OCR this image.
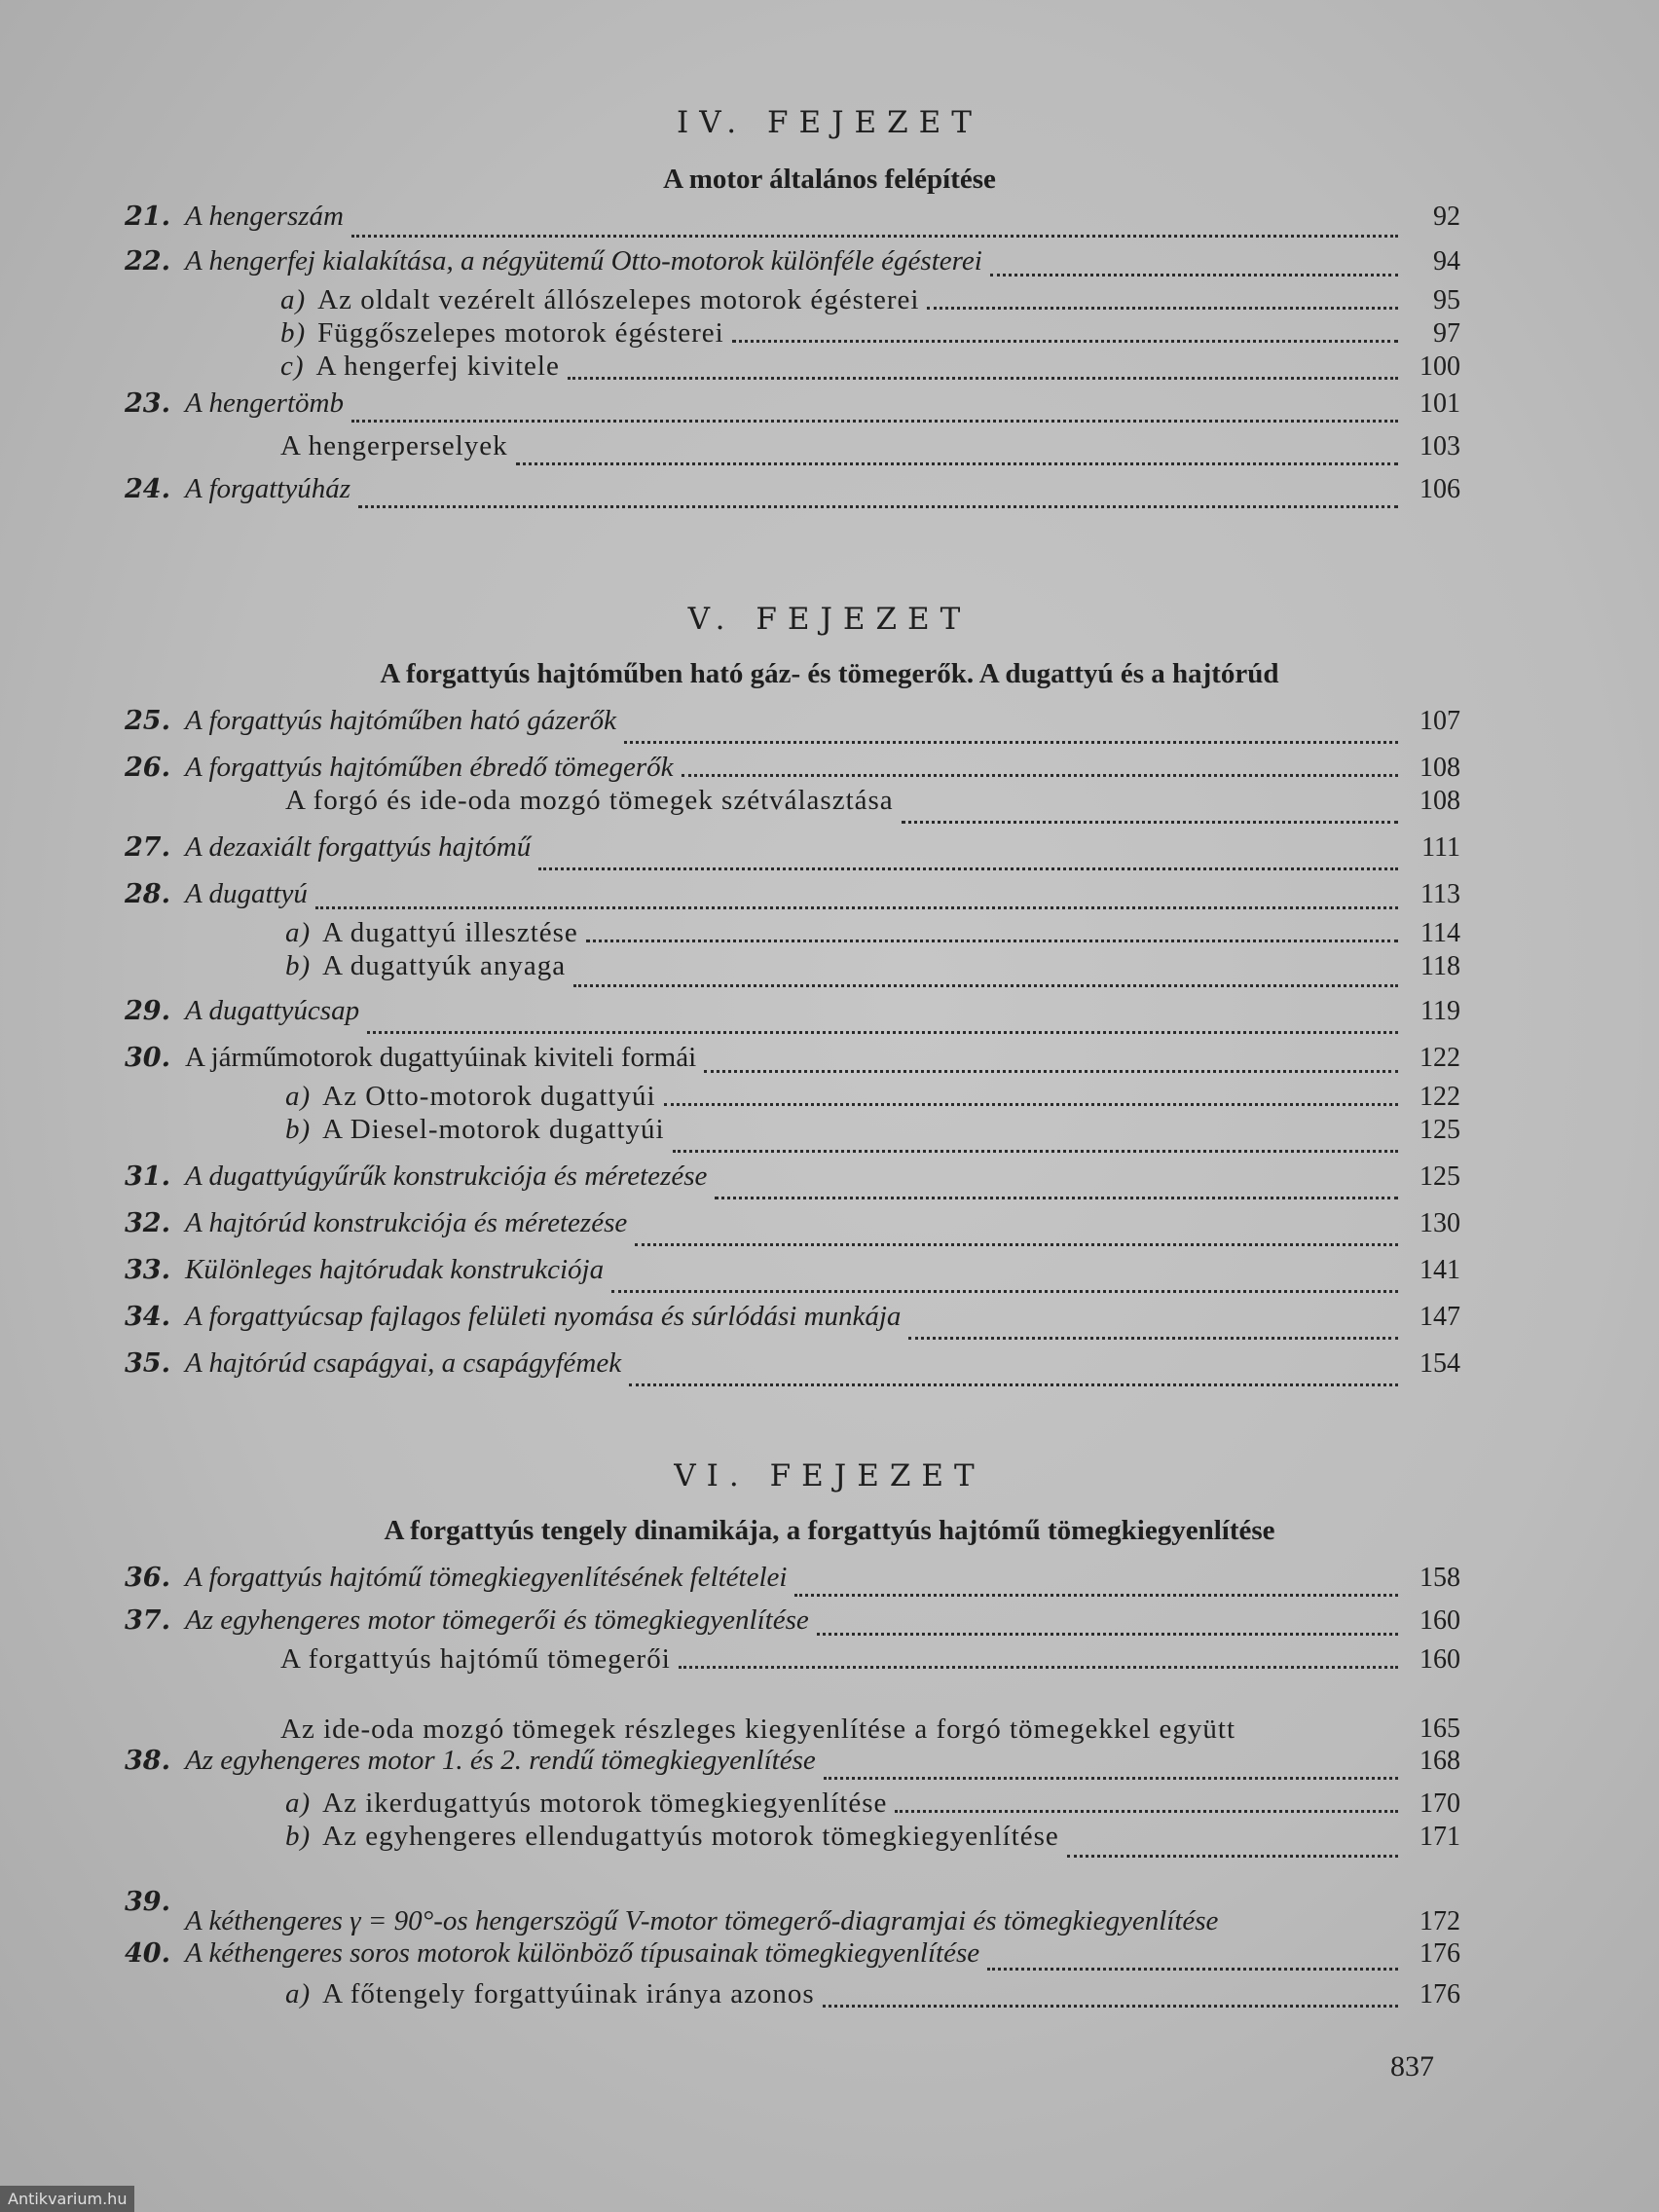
IV. FEJEZET
A motor általános felépítése
21. A hengerszám	92
22. A hengerfej kialakítása, a négyütemű Otto-motorok különféle égésterei	94
a) Az oldalt vezérelt állószelepes motorok égésterei	95
b) Függőszelepes motorok égésterei	97
c) A hengerfej kivitele	100
23. A hengertömb	101
A hengerperselyek	103
24. A forgattyúház	106
V. FEJEZET
A forgattyús hajtóműben ható gáz- és tömegerők. A dugattyú és a hajtórúd
25. A forgattyús hajtóműben ható gázerők	107
26. A forgattyús hajtóműben ébredő tömegerők	108
A forgó és ide-oda mozgó tömegek szétválasztása	108
27. A dezaxiált forgattyús hajtómű	111
28. A dugattyú	113
a) A dugattyú illesztése	114
b) A dugattyúk anyaga	118
29. A dugattyúcsap	119
30. A járműmotorok dugattyúinak kiviteli formái	122
a) Az Otto-motorok dugattyúi	122
b) A Diesel-motorok dugattyúi	125
31. A dugattyúgyűrűk konstrukciója és méretezése	125
32. A hajtórúd konstrukciója és méretezése	130
33. Különleges hajtórudak konstrukciója	141
34. A forgattyúcsap fajlagos felületi nyomása és súrlódási munkája	147
35. A hajtórúd csapágyai, a csapágyfémek	154
VI. FEJEZET
A forgattyús tengely dinamikája, a forgattyús hajtómű tömegkiegyenlítése
36. A forgattyús hajtómű tömegkiegyenlítésének feltételei	158
37. Az egyhengeres motor tömegerői és tömegkiegyenlítése	160
A forgattyús hajtómű tömegerői	160
Az ide-oda mozgó tömegek részleges kiegyenlítése a forgó tömegekkel együtt	165
38. Az egyhengeres motor 1. és 2. rendű tömegkiegyenlítése	168
a) Az ikerdugattyús motorok tömegkiegyenlítése	170
b) Az egyhengeres ellendugattyús motorok tömegkiegyenlítése	171
39.
A kéthengeres γ = 90°-os hengerszögű V-motor tömegerő-diagramjai és tömegkiegyenlítése	172
40. A kéthengeres soros motorok különböző típusainak tömegkiegyenlítése	176
a) A főtengely forgattyúinak iránya azonos	176
837
Antikvarium.hu
